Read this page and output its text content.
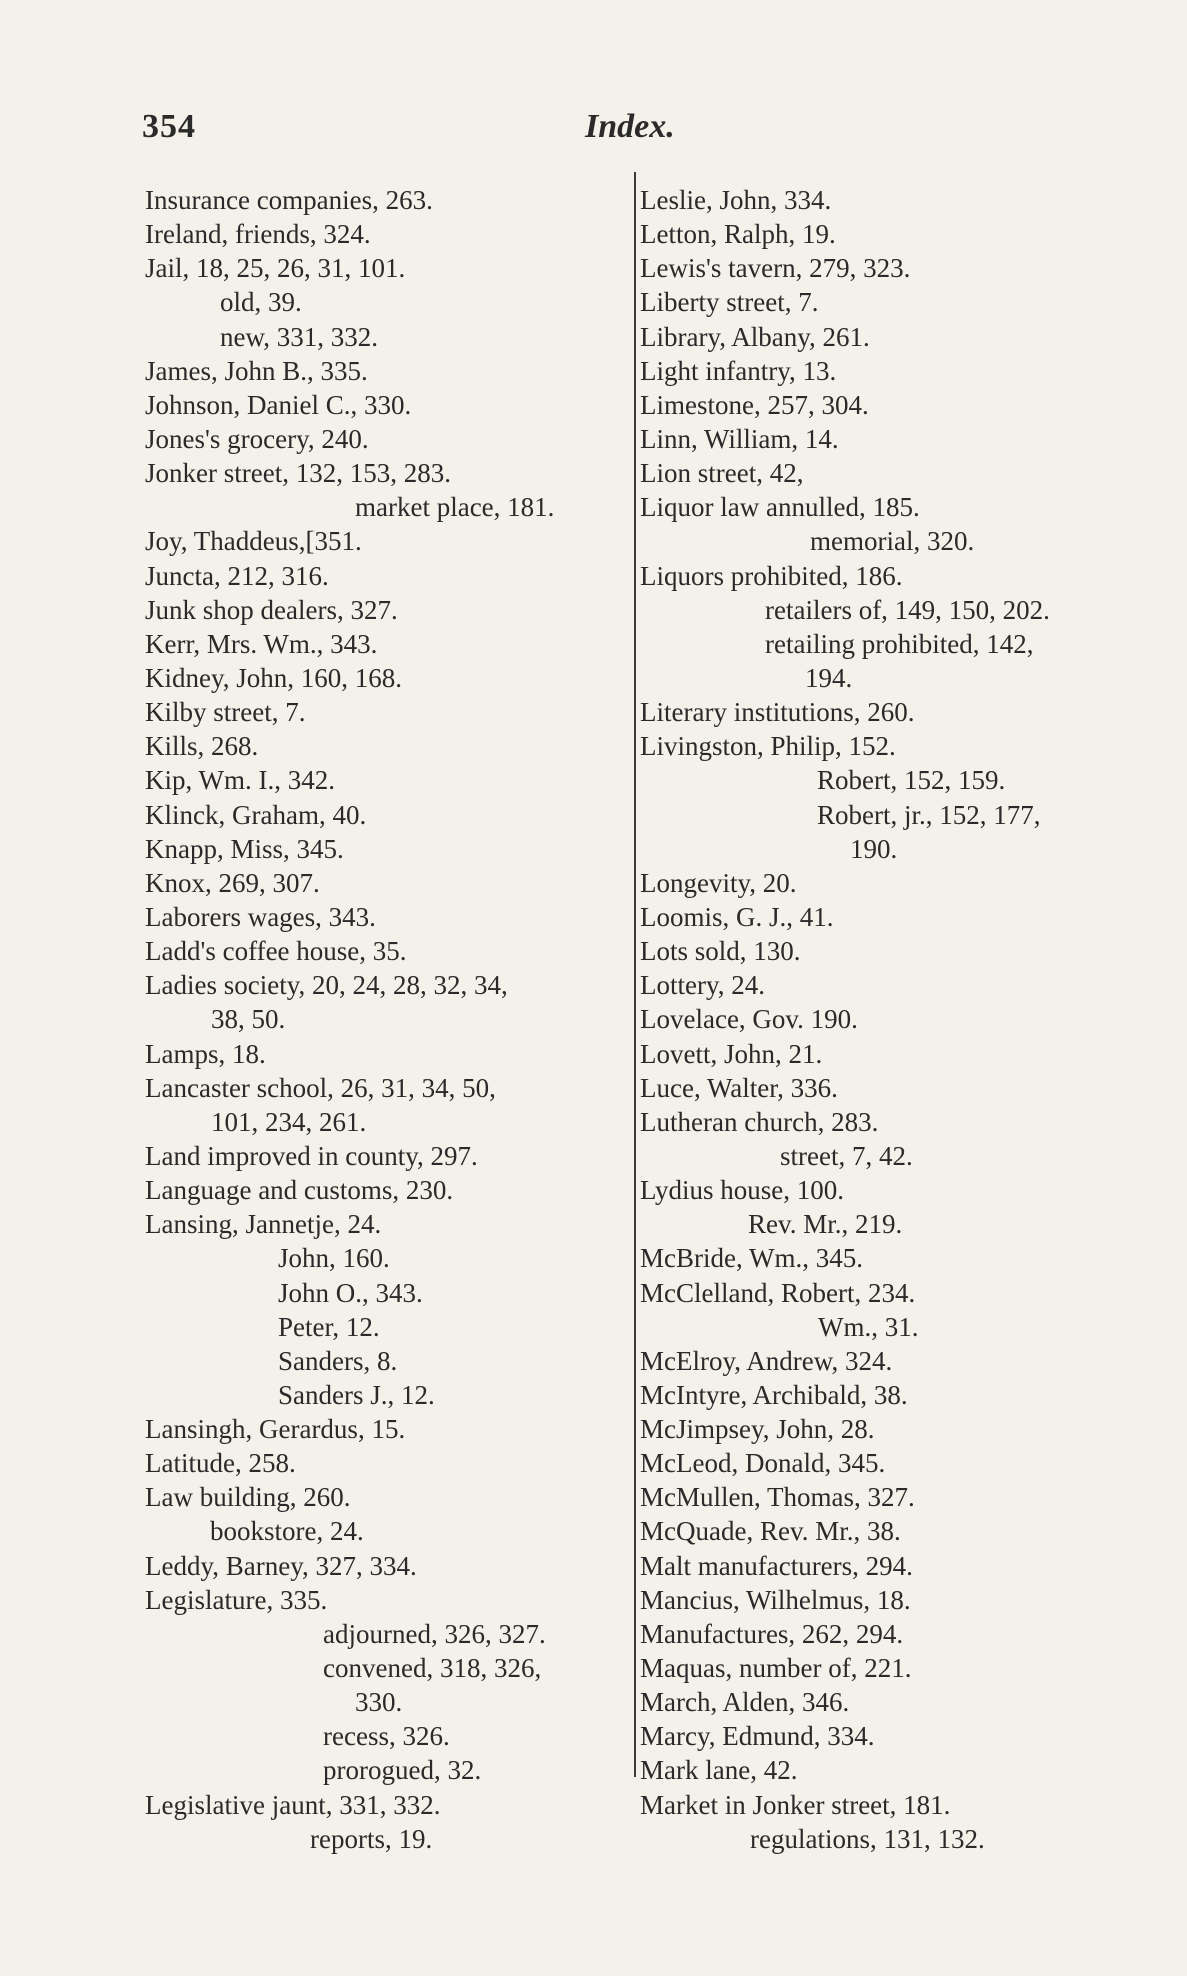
354	Index.
Insurance companies, 263.
Ireland, friends, 324.
Jail, 18, 25, 26, 31, 101.
old, 39.
new, 331, 332.
James, John B., 335.
Johnson, Daniel C., 330.
Jones's grocery, 240.
Jonker street, 132, 153, 283.
market place, 181.
Joy, Thaddeus,[351.
Juncta, 212, 316.
Junk shop dealers, 327.
Kerr, Mrs. Wm., 343.
Kidney, John, 160, 168.
Kilby street, 7.
Kills, 268.
Kip, Wm. I., 342.
Klinck, Graham, 40.
Knapp, Miss, 345.
Knox, 269, 307.
Laborers wages, 343.
Ladd's coffee house, 35.
Ladies society, 20, 24, 28, 32, 34,
38, 50.
Lamps, 18.
Lancaster school, 26, 31, 34, 50,
101, 234, 261.
Land improved in county, 297.
Language and customs, 230.
Lansing, Jannetje, 24.
John, 160.
John O., 343.
Peter, 12.
Sanders, 8.
Sanders J., 12.
Lansingh, Gerardus, 15.
Latitude, 258.
Law building, 260.
bookstore, 24.
Leddy, Barney, 327, 334.
Legislature, 335.
adjourned, 326, 327.
convened, 318, 326,
330.
recess, 326.
prorogued, 32.
Legislative jaunt, 331, 332.
reports, 19.
Leslie, John, 334.
Letton, Ralph, 19.
Lewis's tavern, 279, 323.
Liberty street, 7.
Library, Albany, 261.
Light infantry, 13.
Limestone, 257, 304.
Linn, William, 14.
Lion street, 42,
Liquor law annulled, 185.
memorial, 320.
Liquors prohibited, 186.
retailers of, 149, 150, 202.
retailing prohibited, 142,
194.
Literary institutions, 260.
Livingston, Philip, 152.
Robert, 152, 159.
Robert, jr., 152, 177,
190.
Longevity, 20.
Loomis, G. J., 41.
Lots sold, 130.
Lottery, 24.
Lovelace, Gov. 190.
Lovett, John, 21.
Luce, Walter, 336.
Lutheran church, 283.
street, 7, 42.
Lydius house, 100.
Rev. Mr., 219.
McBride, Wm., 345.
McClelland, Robert, 234.
Wm., 31.
McElroy, Andrew, 324.
McIntyre, Archibald, 38.
McJimpsey, John, 28.
McLeod, Donald, 345.
McMullen, Thomas, 327.
McQuade, Rev. Mr., 38.
Malt manufacturers, 294.
Mancius, Wilhelmus, 18.
Manufactures, 262, 294.
Maquas, number of, 221.
March, Alden, 346.
Marcy, Edmund, 334.
Mark lane, 42.
Market in Jonker street, 181.
regulations, 131, 132.
